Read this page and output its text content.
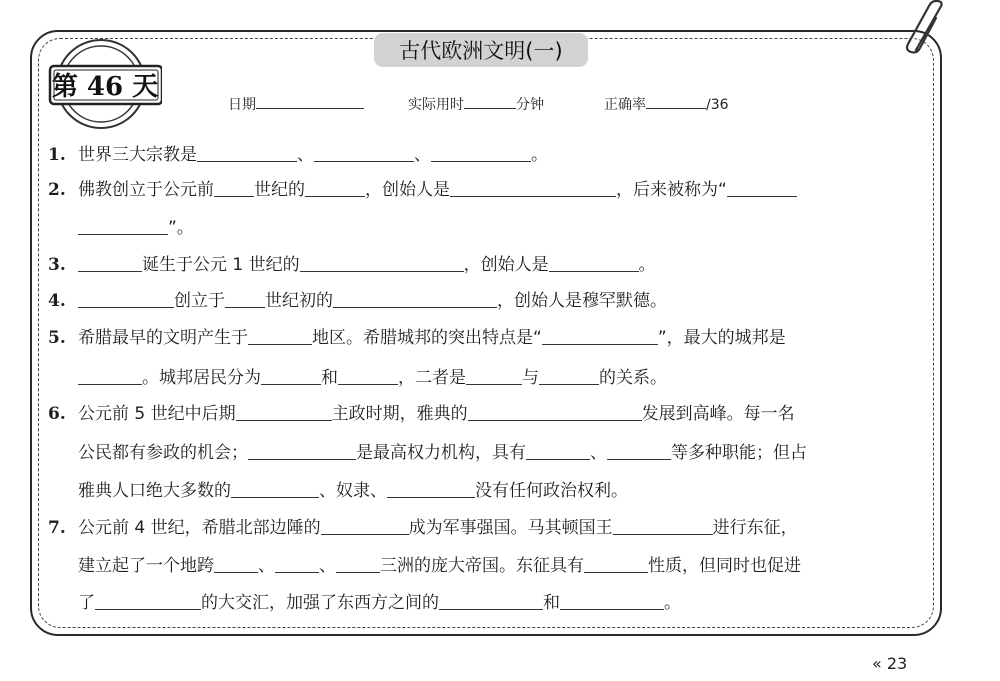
古代欧洲文明(一)
第 46 天
日期	实际用时	分钟	正确率	/36
1. 世界三大宗教是	、	、	。
2. 佛教创立于公元前 世纪的	，创始人是	，后来被称为“
”。
3.	诞生于公元 1 世纪的	，创始人是	。
4.	创立于 世纪初的	，创始人是穆罕默德。
5. 希腊最早的文明产生于	地区。希腊城邦的突出特点是“	”，最大的城邦是
。城邦居民分为	和	，二者是	与	的关系。
6. 公元前 5 世纪中后期	主政时期，雅典的	发展到高峰。每一名
公民都有参政的机会；	是最高权力机构，具有	、	等多种职能；但占
雅典人口绝大多数的	、奴隶、	没有任何政治权利。
7. 公元前 4 世纪，希腊北部边陲的	成为军事强国。马其顿国王	进行东征，
建立起了一个地跨	、	、	三洲的庞大帝国。东征具有	性质，但同时也促进
了	的大交汇，加强了东西方之间的	和	。
« 23
